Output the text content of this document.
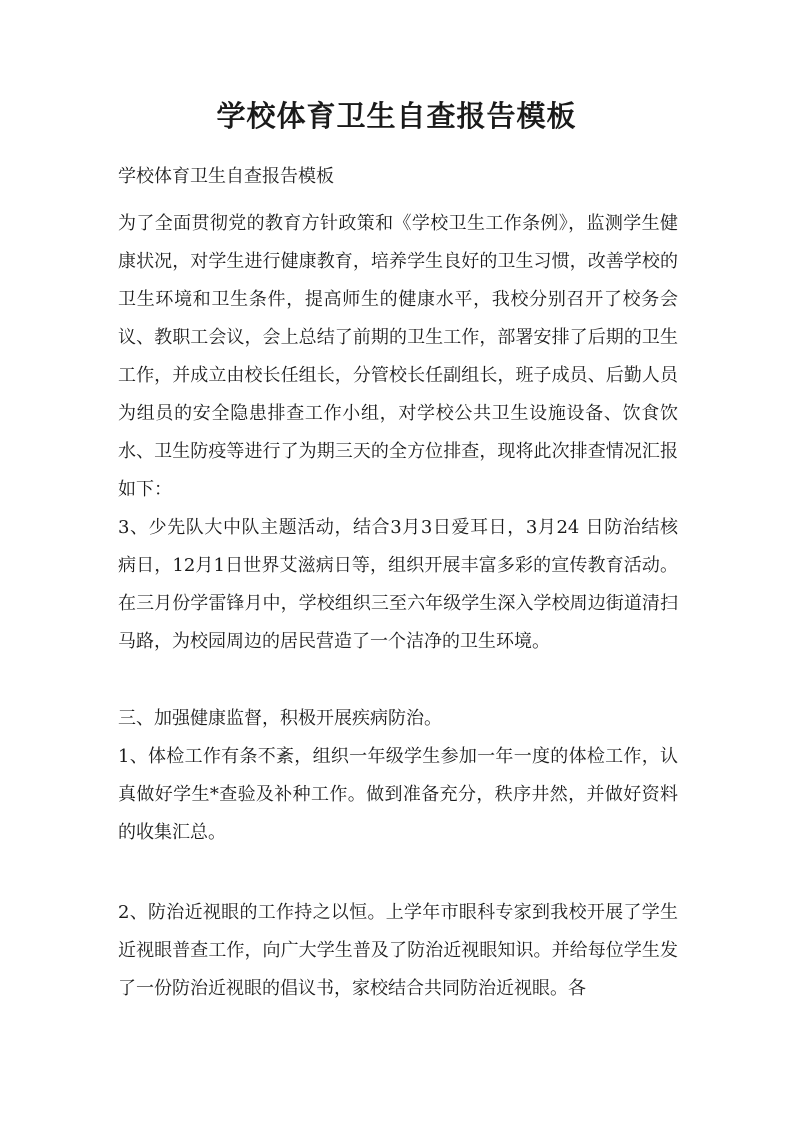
学校体育卫生自查报告模板

学校体育卫生自查报告模板

为了全面贯彻党的教育方针政策和《学校卫生工作条例》，监测学生健康状况，对学生进行健康教育，培养学生良好的卫生习惯，改善学校的卫生环境和卫生条件，提高师生的健康水平，我校分别召开了校务会议、教职工会议，会上总结了前期的卫生工作，部署安排了后期的卫生工作，并成立由校长任组长，分管校长任副组长，班子成员、后勤人员为组员的安全隐患排查工作小组，对学校公共卫生设施设备、饮食饮水、卫生防疫等进行了为期三天的全方位排查，现将此次排查情况汇报如下：

3、少先队大中队主题活动，结合3月3日爱耳日，3月24 日防治结核病日，12月1日世界艾滋病日等，组织开展丰富多彩的宣传教育活动。在三月份学雷锋月中，学校组织三至六年级学生深入学校周边街道清扫马路，为校园周边的居民营造了一个洁净的卫生环境。

三、加强健康监督，积极开展疾病防治。

1、体检工作有条不紊，组织一年级学生参加一年一度的体检工作，认真做好学生*查验及补种工作。做到准备充分，秩序井然，并做好资料的收集汇总。

2、防治近视眼的工作持之以恒。上学年市眼科专家到我校开展了学生近视眼普查工作，向广大学生普及了防治近视眼知识。并给每位学生发了一份防治近视眼的倡议书，家校结合共同防治近视眼。各
